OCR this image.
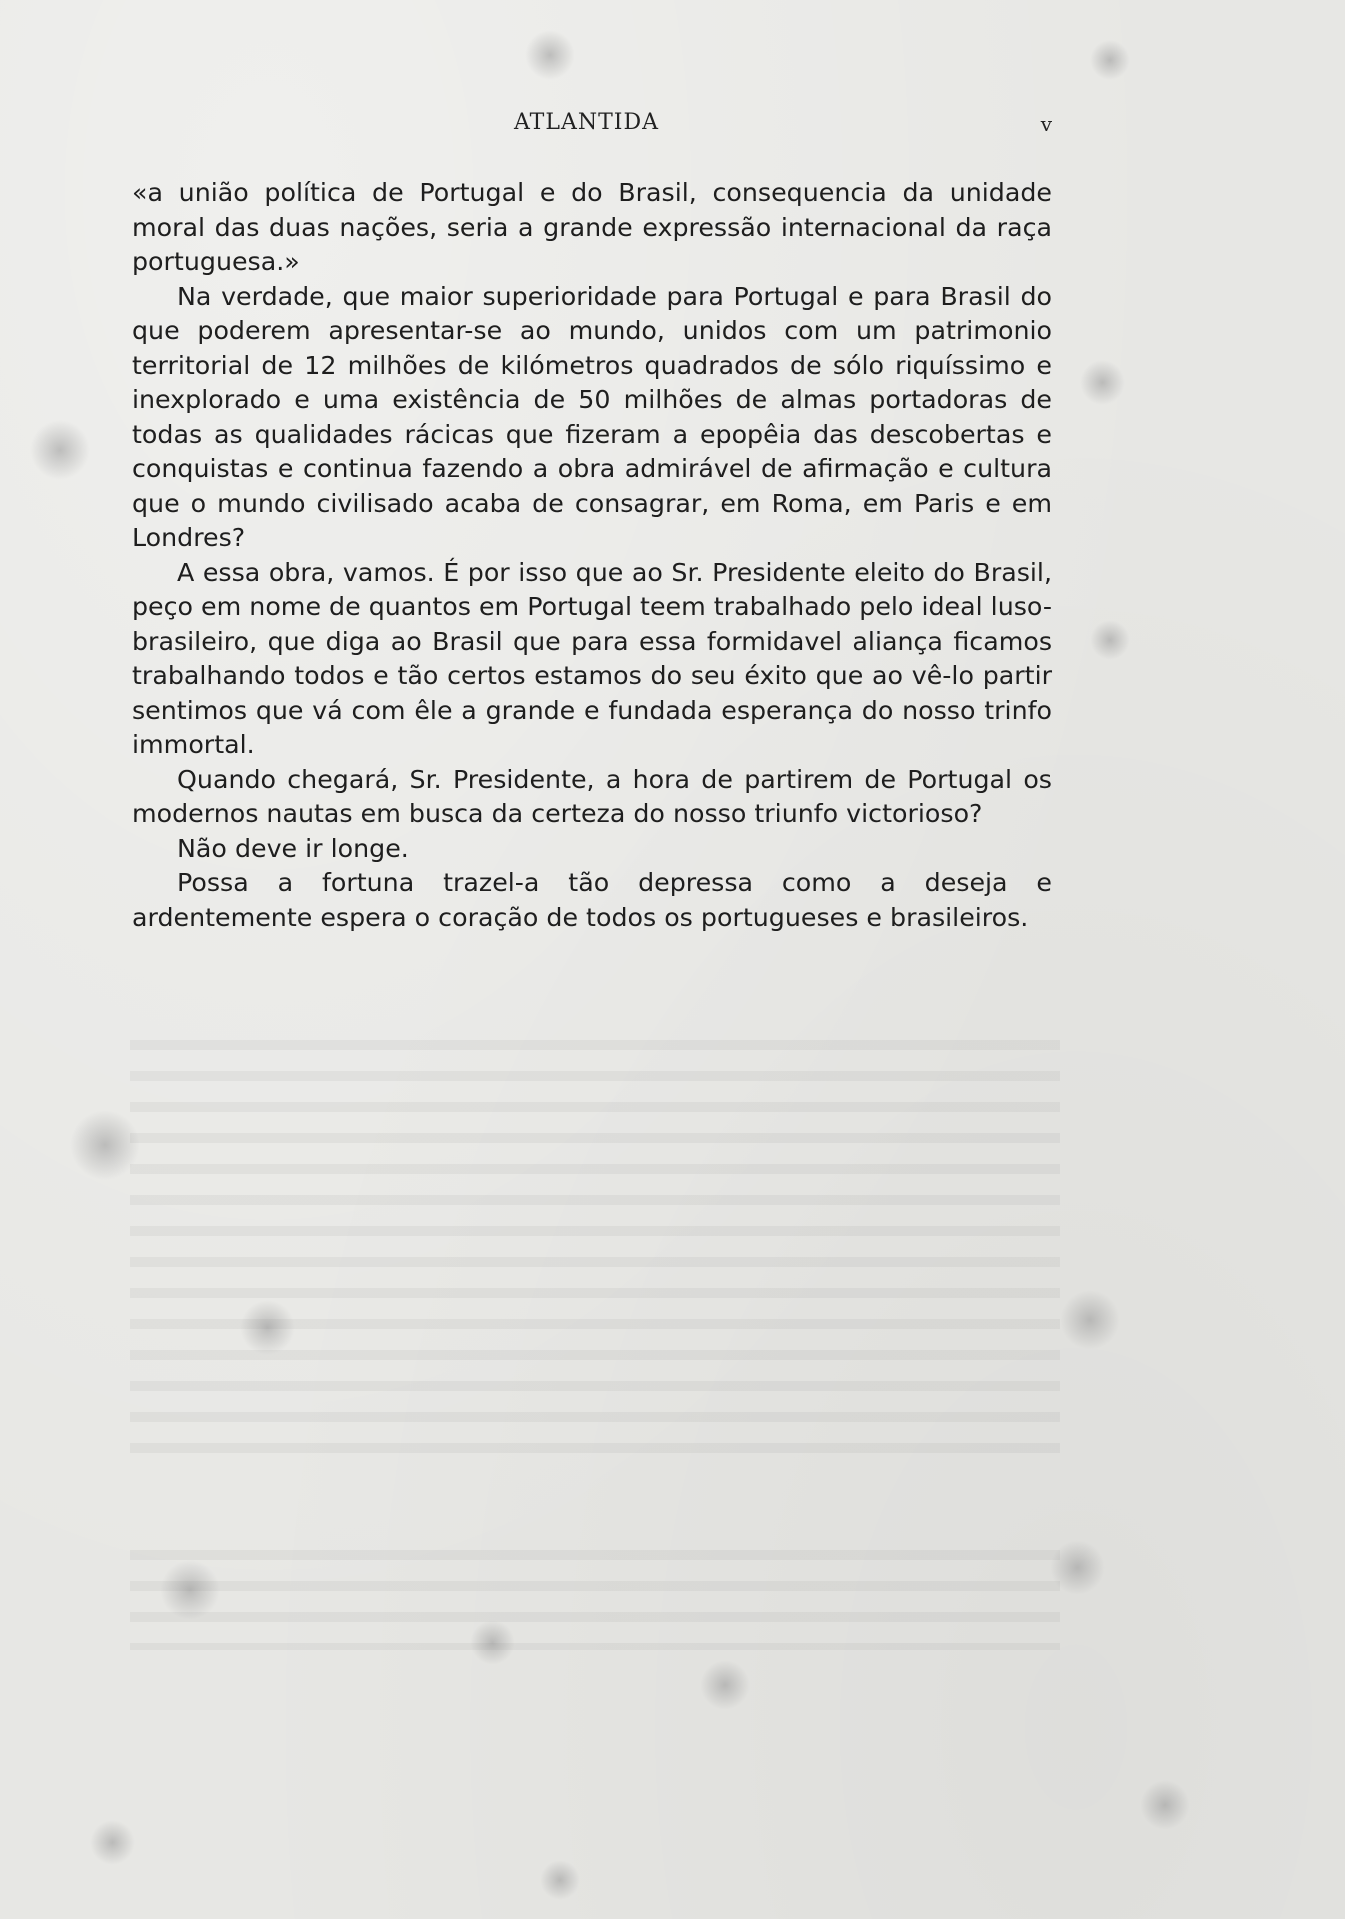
ATLANTIDA	v

«a união política de Portugal e do Brasil, consequencia da unidade moral das duas nações, seria a grande expressão internacional da raça portuguesa.»

Na verdade, que maior superioridade para Portugal e para Brasil do que poderem apresentar-se ao mundo, unidos com um patrimonio territorial de 12 milhões de kilómetros quadrados de sólo riquíssimo e inexplorado e uma existência de 50 milhões de almas portadoras de todas as qualidades rácicas que fizeram a epopêia das descobertas e conquistas e continua fazendo a obra admirável de afirmação e cultura que o mundo civilisado acaba de consagrar, em Roma, em Paris e em Londres?

A essa obra, vamos. É por isso que ao Sr. Presidente eleito do Brasil, peço em nome de quantos em Portugal teem trabalhado pelo ideal luso-brasileiro, que diga ao Brasil que para essa formidavel aliança ficamos trabalhando todos e tão certos estamos do seu éxito que ao vê-lo partir sentimos que vá com êle a grande e fundada esperança do nosso trinfo immortal.

Quando chegará, Sr. Presidente, a hora de partirem de Portugal os modernos nautas em busca da certeza do nosso triunfo victorioso?

Não deve ir longe.

Possa a fortuna trazel-a tão depressa como a deseja e ardentemente espera o coração de todos os portugueses e brasileiros.
